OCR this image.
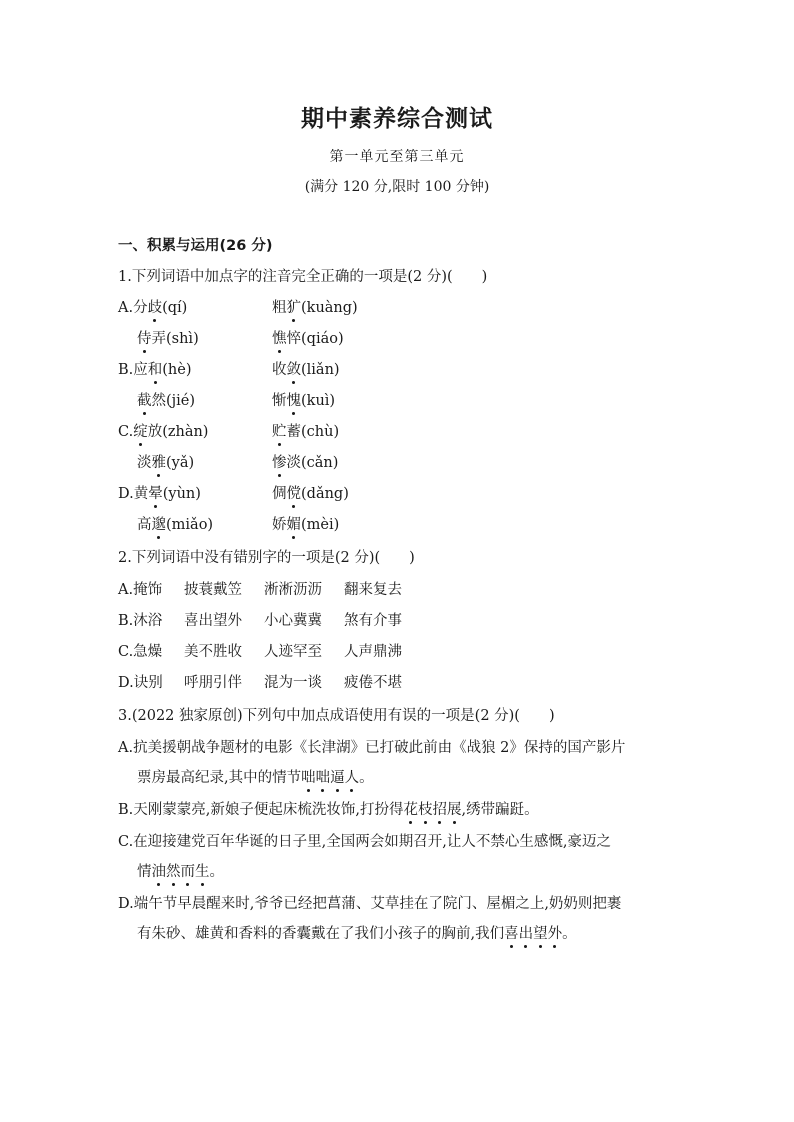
期中素养综合测试
第一单元至第三单元
(满分 120 分,限时 100 分钟)
一、积累与运用(26 分)
1.下列词语中加点字的注音完全正确的一项是(2 分)(　　)
A.分歧(qí)	粗犷(kuàng)
侍弄(shì)	憔悴(qiáo)
B.应和(hè)	收敛(liǎn)
截然(jié)	惭愧(kuì)
C.绽放(zhàn)	贮蓄(chù)
淡雅(yǎ)	惨淡(cǎn)
D.黄晕(yùn)	倜傥(dǎng)
高邈(miǎo)	娇媚(mèi)
2.下列词语中没有错别字的一项是(2 分)(　　)
A.掩饰 披蓑戴笠 淅淅沥沥 翻来复去
B.沐浴 喜出望外 小心冀冀 煞有介事
C.急燥 美不胜收 人迹罕至 人声鼎沸
D.诀别 呼朋引伴 混为一谈 疲倦不堪
3.(2022 独家原创)下列句中加点成语使用有误的一项是(2 分)(　　)
A.抗美援朝战争题材的电影《长津湖》已打破此前由《战狼 2》保持的国产影片
票房最高纪录,其中的情节咄咄逼人。
B.天刚蒙蒙亮,新娘子便起床梳洗妆饰,打扮得花枝招展,绣带蹁跹。
C.在迎接建党百年华诞的日子里,全国两会如期召开,让人不禁心生感慨,豪迈之
情油然而生。
D.端午节早晨醒来时,爷爷已经把菖蒲、艾草挂在了院门、屋楣之上,奶奶则把裹
有朱砂、雄黄和香料的香囊戴在了我们小孩子的胸前,我们喜出望外。
